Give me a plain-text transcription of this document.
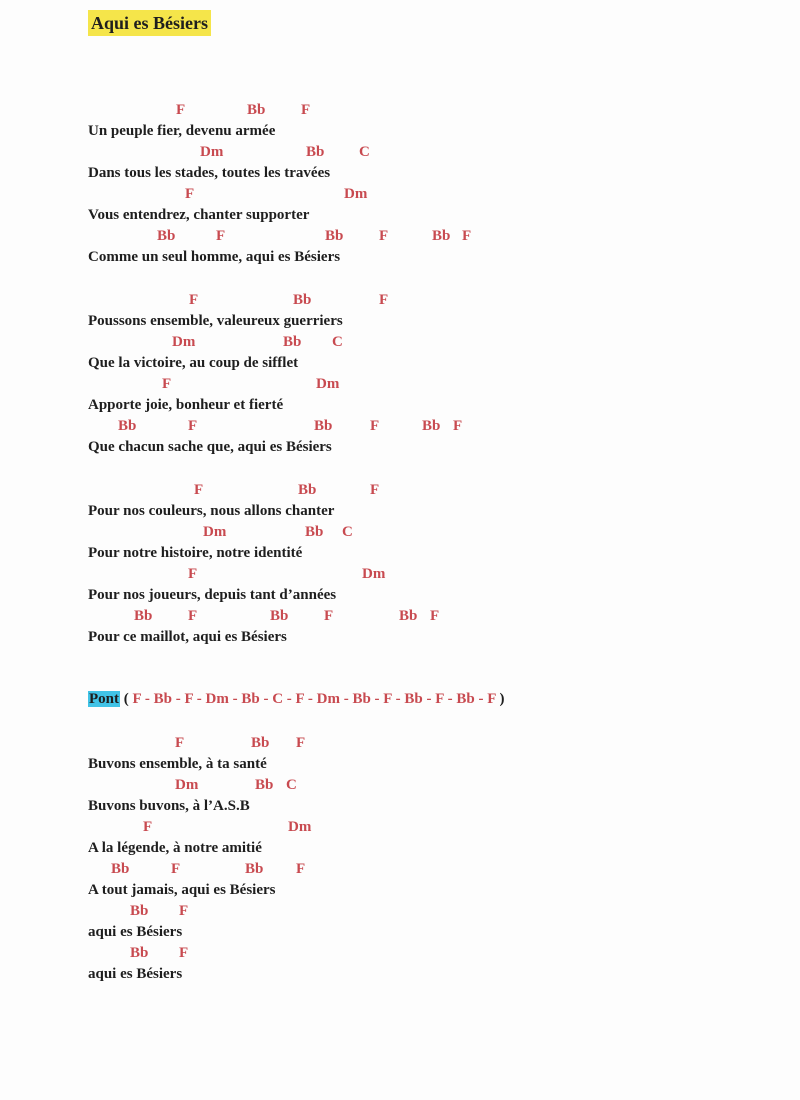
Aqui es Bésiers
F	Bb F
Un peuple fier, devenu armée
Dm	Bb C
Dans tous les stades, toutes les travées
F	Dm
Vous entendrez, chanter supporter
Bb	F	Bb F	Bb F
Comme un seul homme, aqui es Bésiers
F	Bb	F
Poussons ensemble, valeureux guerriers
Dm	Bb C
Que la victoire, au coup de sifflet
F	Dm
Apporte joie, bonheur et fierté
Bb	F	Bb	F	Bb F
Que chacun sache que, aqui es Bésiers
F	Bb	F
Pour nos couleurs, nous allons chanter
Dm	Bb C
Pour notre histoire, notre identité
F	Dm
Pour nos joueurs, depuis tant d’années
Bb F	Bb F	Bb F
Pour ce maillot, aqui es Bésiers
F	Bb F
Buvons ensemble, à ta santé
Dm	Bb C
Buvons buvons, à l’A.S.B
F	Dm
A la légende, à notre amitié
Bb	F	Bb F
A tout jamais, aqui es Bésiers
Bb F
aqui es Bésiers
Bb F
aqui es Bésiers
Pont ( F - Bb - F - Dm - Bb - C - F - Dm - Bb - F - Bb - F - Bb - F )
